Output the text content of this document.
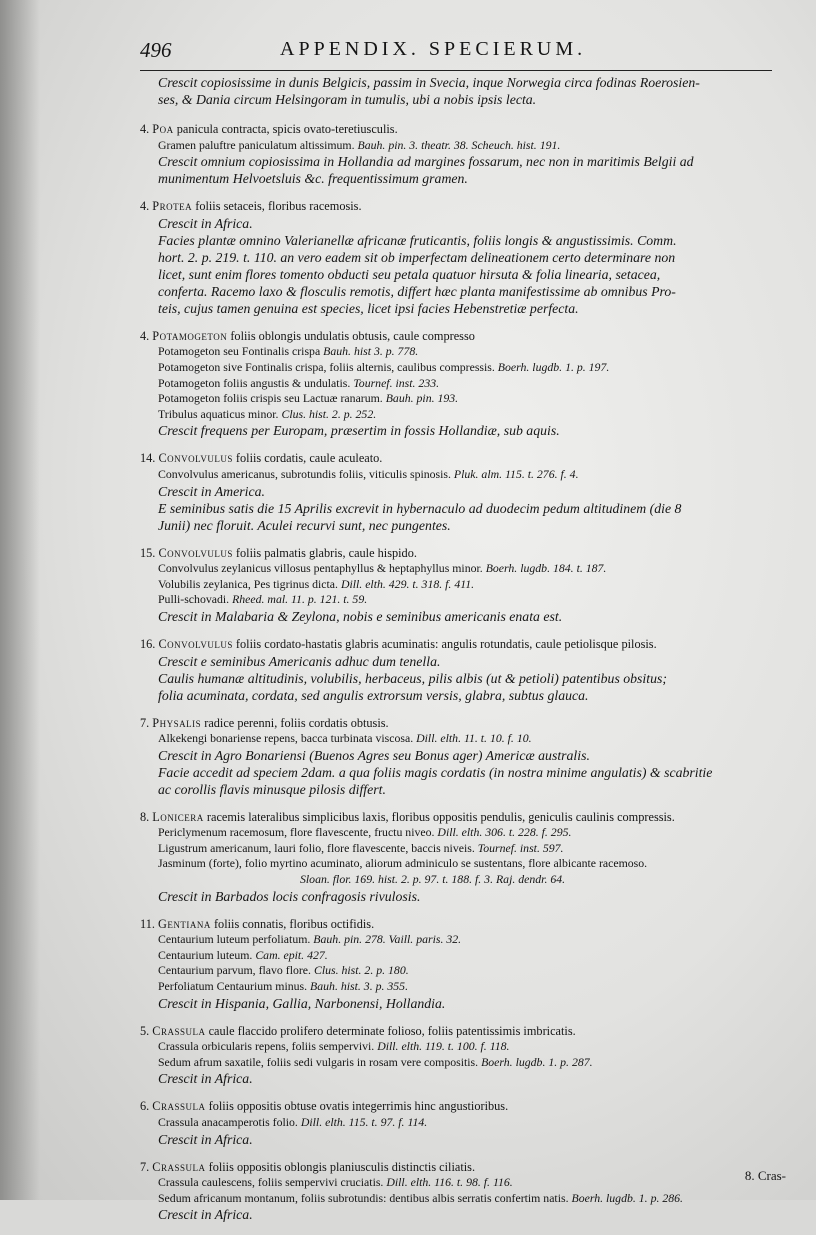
496	APPENDIX. SPECIERUM.

Crescit copiosissime in dunis Belgicis, passim in Svecia, inque Norwegia circa fodinas Roerosien-

ses, & Dania circum Helsingoram in tumulis, ubi a nobis ipsis lecta.

4. Poa panicula contracta, spicis ovato-teretiusculis.

Gramen paluftre paniculatum altissimum. Bauh. pin. 3. theatr. 38. Scheuch. hist. 191.

Crescit omnium copiosissima in Hollandia ad margines fossarum, nec non in maritimis Belgii ad

munimentum Helvoetsluis &c. frequentissimum gramen.

4. Protea foliis setaceis, floribus racemosis.

Crescit in Africa.

Facies plantæ omnino Valerianellæ africanæ fruticantis, foliis longis & angustissimis. Comm.

hort. 2. p. 219. t. 110. an vero eadem sit ob imperfectam delineationem certo determinare non

licet, sunt enim flores tomento obducti seu petala quatuor hirsuta & folia linearia, setacea,

conferta. Racemo laxo & flosculis remotis, differt hæc planta manifestissime ab omnibus Pro-

teis, cujus tamen genuina est species, licet ipsi facies Hebenstretiæ perfecta.

4. Potamogeton foliis oblongis undulatis obtusis, caule compresso

Potamogeton seu Fontinalis crispa Bauh. hist 3. p. 778.

Potamogeton sive Fontinalis crispa, foliis alternis, caulibus compressis. Boerh. lugdb. 1. p. 197.

Potamogeton foliis angustis & undulatis. Tournef. inst. 233.

Potamogeton foliis crispis seu Lactuæ ranarum. Bauh. pin. 193.

Tribulus aquaticus minor. Clus. hist. 2. p. 252.

Crescit frequens per Europam, præsertim in fossis Hollandiæ, sub aquis.

14. Convolvulus foliis cordatis, caule aculeato.

Convolvulus americanus, subrotundis foliis, viticulis spinosis. Pluk. alm. 115. t. 276. f. 4.

Crescit in America.

E seminibus satis die 15 Aprilis excrevit in hybernaculo ad duodecim pedum altitudinem (die 8

Junii) nec floruit. Aculei recurvi sunt, nec pungentes.

15. Convolvulus foliis palmatis glabris, caule hispido.

Convolvulus zeylanicus villosus pentaphyllus & heptaphyllus minor. Boerh. lugdb. 184. t. 187.

Volubilis zeylanica, Pes tigrinus dicta. Dill. elth. 429. t. 318. f. 411.

Pulli-schovadi. Rheed. mal. 11. p. 121. t. 59.

Crescit in Malabaria & Zeylona, nobis e seminibus americanis enata est.

16. Convolvulus foliis cordato-hastatis glabris acuminatis: angulis rotundatis, caule petiolisque pilosis.

Crescit e seminibus Americanis adhuc dum tenella.

Caulis humanæ altitudinis, volubilis, herbaceus, pilis albis (ut & petioli) patentibus obsitus;

folia acuminata, cordata, sed angulis extrorsum versis, glabra, subtus glauca.

7. Physalis radice perenni, foliis cordatis obtusis.

Alkekengi bonariense repens, bacca turbinata viscosa. Dill. elth. 11. t. 10. f. 10.

Crescit in Agro Bonariensi (Buenos Agres seu Bonus ager) Americæ australis.

Facie accedit ad speciem 2dam. a qua foliis magis cordatis (in nostra minime angulatis) & scabritie

ac corollis flavis minusque pilosis differt.

8. Lonicera racemis lateralibus simplicibus laxis, floribus oppositis pendulis, geniculis caulinis compressis.

Periclymenum racemosum, flore flavescente, fructu niveo. Dill. elth. 306. t. 228. f. 295.

Ligustrum americanum, lauri folio, flore flavescente, baccis niveis. Tournef. inst. 597.

Jasminum (forte), folio myrtino acuminato, aliorum adminiculo se sustentans, flore albicante racemoso.

Sloan. flor. 169. hist. 2. p. 97. t. 188. f. 3. Raj. dendr. 64.

Crescit in Barbados locis confragosis rivulosis.

11. Gentiana foliis connatis, floribus octifidis.

Centaurium luteum perfoliatum. Bauh. pin. 278. Vaill. paris. 32.

Centaurium luteum. Cam. epit. 427.

Centaurium parvum, flavo flore. Clus. hist. 2. p. 180.

Perfoliatum Centaurium minus. Bauh. hist. 3. p. 355.

Crescit in Hispania, Gallia, Narbonensi, Hollandia.

5. Crassula caule flaccido prolifero determinate folioso, foliis patentissimis imbricatis.

Crassula orbicularis repens, foliis sempervivi. Dill. elth. 119. t. 100. f. 118.

Sedum afrum saxatile, foliis sedi vulgaris in rosam vere compositis. Boerh. lugdb. 1. p. 287.

Crescit in Africa.

6. Crassula foliis oppositis obtuse ovatis integerrimis hinc angustioribus.

Crassula anacamperotis folio. Dill. elth. 115. t. 97. f. 114.

Crescit in Africa.

7. Crassula foliis oppositis oblongis planiusculis distinctis ciliatis.

Crassula caulescens, foliis sempervivi cruciatis. Dill. elth. 116. t. 98. f. 116.

Sedum africanum montanum, foliis subrotundis: dentibus albis serratis confertim natis. Boerh. lugdb. 1. p. 286.

Crescit in Africa.

8. Cras-
